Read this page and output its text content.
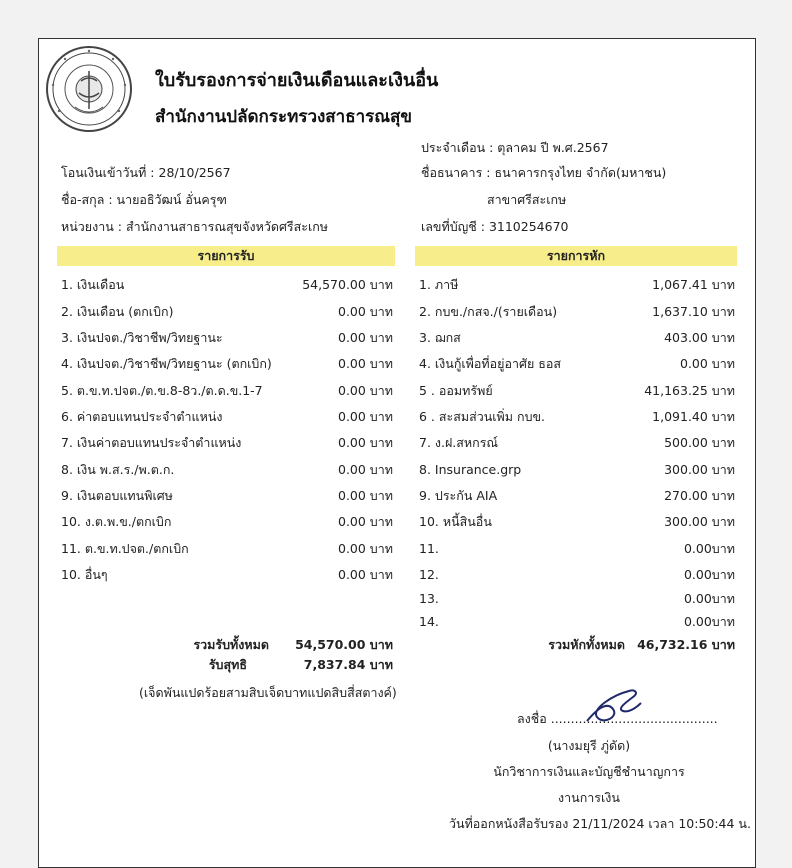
ใบรับรองการจ่ายเงินเดือนและเงินอื่น
สำนักงานปลัดกระทรวงสาธารณสุข
ประจำเดือน : ตุลาคม ปี พ.ศ.2567
โอนเงินเข้าวันที่ : 28/10/2567	ชื่อธนาคาร : ธนาคารกรุงไทย จำกัด(มหาชน)
ชื่อ-สกุล : นายอธิวัฒน์ อั่นครุฑ	สาขาศรีสะเกษ
หน่วยงาน : สำนักงานสาธารณสุขจังหวัดศรีสะเกษ	เลขที่บัญชี : 3110254670
รายการรับ	รายการหัก
1. เงินเดือน	54,570.00 บาท
2. เงินเดือน (ตกเบิก)	0.00 บาท
3. เงินปจต./วิชาชีพ/วิทยฐานะ	0.00 บาท
4. เงินปจต./วิชาชีพ/วิทยฐานะ (ตกเบิก)	0.00 บาท
5. ต.ข.ท.ปจต./ต.ข.8-8ว./ต.ด.ข.1-7	0.00 บาท
6. ค่าตอบแทนประจำตำแหน่ง	0.00 บาท
7. เงินค่าตอบแทนประจำตำแหน่ง	0.00 บาท
8. เงิน พ.ส.ร./พ.ต.ก.	0.00 บาท
9. เงินตอบแทนพิเศษ	0.00 บาท
10. ง.ต.พ.ข./ตกเบิก	0.00 บาท
11. ต.ข.ท.ปจต./ตกเบิก	0.00 บาท
10. อื่นๆ	0.00 บาท
1. ภาษี	1,067.41 บาท
2. กบข./กสจ./(รายเดือน)	1,637.10 บาท
3. ฌกส	403.00 บาท
4. เงินกู้เพื่อที่อยู่อาศัย ธอส	0.00 บาท
5 . ออมทรัพย์	41,163.25 บาท
6 . สะสมส่วนเพิ่ม กบข.	1,091.40 บาท
7. ง.ฝ.สหกรณ์	500.00 บาท
8. Insurance.grp	300.00 บาท
9. ประกัน AIA	270.00 บาท
10. หนี้สินอื่น	300.00 บาท
11.	0.00บาท
12.	0.00บาท
13.	0.00บาท
14.	0.00บาท
รวมรับทั้งหมด	54,570.00 บาท
รับสุทธิ	7,837.84 บาท
(เจ็ดพันแปดร้อยสามสิบเจ็ดบาทแปดสิบสี่สตางค์)
รวมหักทั้งหมด 46,732.16 บาท
ลงชื่อ ..........................................
(นางมยุรี ภู่ดัด)
นักวิชาการเงินและบัญชีชำนาญการ
งานการเงิน
วันที่ออกหนังสือรับรอง 21/11/2024 เวลา 10:50:44 น.
